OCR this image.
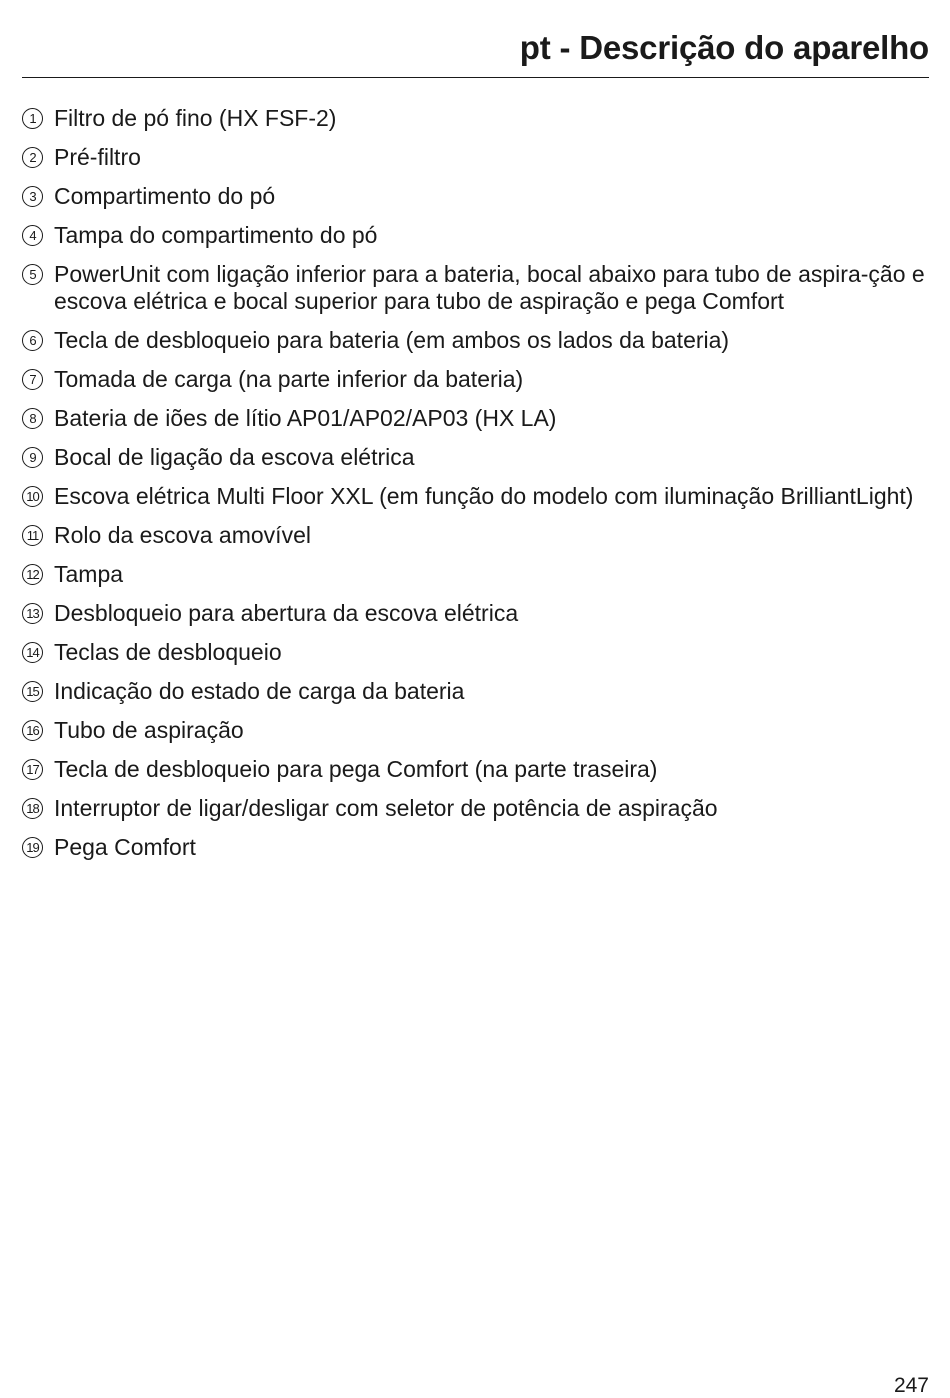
pt - Descrição do aparelho
1 Filtro de pó fino (HX FSF-2)
2 Pré-filtro
3 Compartimento do pó
4 Tampa do compartimento do pó
5 PowerUnit com ligação inferior para a bateria, bocal abaixo para tubo de aspira-ção e escova elétrica e bocal superior para tubo de aspiração e pega Comfort
6 Tecla de desbloqueio para bateria (em ambos os lados da bateria)
7 Tomada de carga (na parte inferior da bateria)
8 Bateria de iões de lítio AP01/AP02/AP03 (HX LA)
9 Bocal de ligação da escova elétrica
10 Escova elétrica Multi Floor XXL (em função do modelo com iluminação BrilliantLight)
11 Rolo da escova amovível
12 Tampa
13 Desbloqueio para abertura da escova elétrica
14 Teclas de desbloqueio
15 Indicação do estado de carga da bateria
16 Tubo de aspiração
17 Tecla de desbloqueio para pega Comfort (na parte traseira)
18 Interruptor de ligar/desligar com seletor de potência de aspiração
19 Pega Comfort
247
